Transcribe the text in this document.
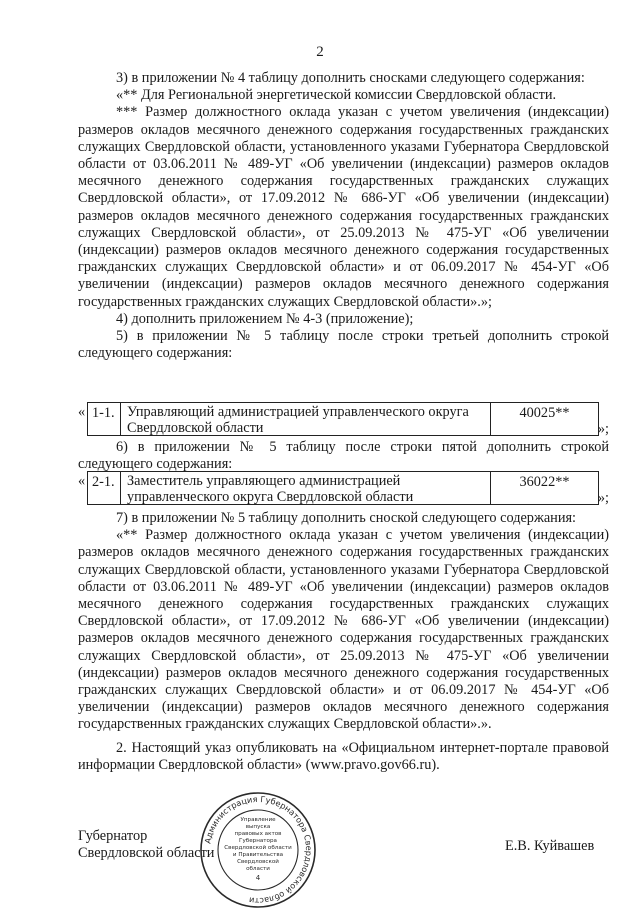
2

3) в приложении № 4 таблицу дополнить сносками следующего содержания:

«** Для Региональной энергетической комиссии Свердловской области.

*** Размер должностного оклада указан с учетом увеличения (индексации) размеров окладов месячного денежного содержания государственных гражданских служащих Свердловской области, установленного указами Губернатора Свердловской области от 03.06.2011 № 489-УГ «Об увеличении (индексации) размеров окладов месячного денежного содержания государственных гражданских служащих Свердловской области», от 17.09.2012 № 686-УГ «Об увеличении (индексации) размеров окладов месячного денежного содержания государственных гражданских служащих Свердловской области», от 25.09.2013 № 475-УГ «Об увеличении (индексации) размеров окладов месячного денежного содержания государственных гражданских служащих Свердловской области» и от 06.09.2017 № 454-УГ «Об увеличении (индексации) размеров окладов месячного денежного содержания государственных гражданских служащих Свердловской области».»;

4) дополнить приложением № 4-3 (приложение);

5) в приложении № 5 таблицу после строки третьей дополнить строкой следующего содержания:

« 1-1. Управляющий администрацией управленческого округа Свердловской области
40025**
»;

6) в приложении № 5 таблицу после строки пятой дополнить строкой следующего содержания:

« 2-1. Заместитель управляющего администрацией управленческого округа Свердловской области
36022**
»;

7) в приложении № 5 таблицу дополнить сноской следующего содержания:

«** Размер должностного оклада указан с учетом увеличения (индексации) размеров окладов месячного денежного содержания государственных гражданских служащих Свердловской области, установленного указами Губернатора Свердловской области от 03.06.2011 № 489-УГ «Об увеличении (индексации) размеров окладов месячного денежного содержания государственных гражданских служащих Свердловской области», от 17.09.2012 № 686-УГ «Об увеличении (индексации) размеров окладов месячного денежного содержания государственных гражданских служащих Свердловской области», от 25.09.2013 № 475-УГ «Об увеличении (индексации) размеров окладов месячного денежного содержания государственных гражданских служащих Свердловской области» и от 06.09.2017 № 454-УГ «Об увеличении (индексации) размеров окладов месячного денежного содержания государственных гражданских служащих Свердловской области».».

2. Настоящий указ опубликовать на «Официальном интернет-портале правовой информации Свердловской области» (www.pravo.gov66.ru).

Губернатор
Свердловской области	Е.В. Куйвашев
Администрация Губернатора Свердловской области
Управление
выпуска
правовых актов
Губернатора
Свердловской области
и Правительства
Свердловской
области
4
